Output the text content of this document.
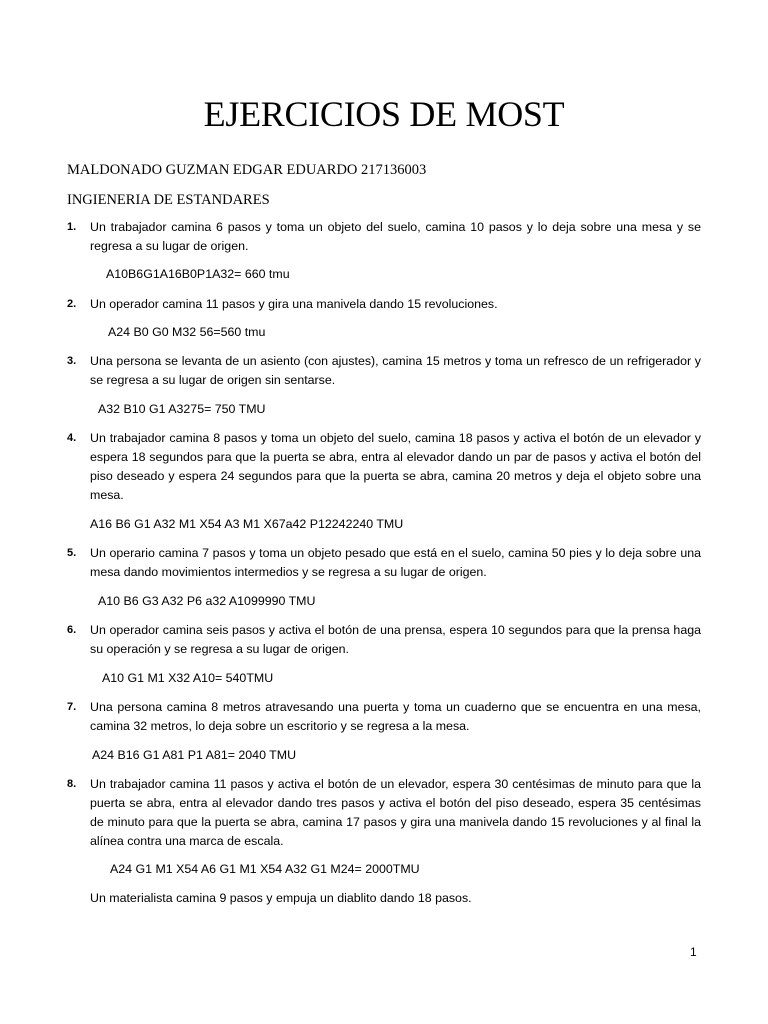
EJERCICIOS DE MOST
MALDONADO GUZMAN EDGAR EDUARDO 217136003
INGIENERIA DE ESTANDARES
1. Un trabajador camina 6 pasos y toma un objeto del suelo, camina 10 pasos y lo deja sobre una mesa y se regresa a su lugar de origen.
A10B6G1A16B0P1A32= 660 tmu
2. Un operador camina 11 pasos y gira una manivela dando 15 revoluciones.
A24 B0 G0 M32 56=560 tmu
3. Una persona se levanta de un asiento (con ajustes), camina 15 metros y toma un refresco de un refrigerador y se regresa a su lugar de origen sin sentarse.
A32 B10 G1 A3275= 750 TMU
4. Un trabajador camina 8 pasos y toma un objeto del suelo, camina 18 pasos y activa el botón de un elevador y espera 18 segundos para que la puerta se abra, entra al elevador dando un par de pasos y activa el botón del piso deseado y espera 24 segundos para que la puerta se abra, camina 20 metros y deja el objeto sobre una mesa.
A16 B6 G1 A32 M1 X54 A3 M1 X67a42 P12242240 TMU
5. Un operario camina 7 pasos y toma un objeto pesado que está en el suelo, camina 50 pies y lo deja sobre una mesa dando movimientos intermedios y se regresa a su lugar de origen.
A10 B6 G3 A32 P6 a32 A1099990 TMU
6. Un operador camina seis pasos y activa el botón de una prensa, espera 10 segundos para que la prensa haga su operación y se regresa a su lugar de origen.
A10 G1 M1 X32 A10= 540TMU
7. Una persona camina 8 metros atravesando una puerta y toma un cuaderno que se encuentra en una mesa, camina 32 metros, lo deja sobre un escritorio y se regresa a la mesa.
A24 B16 G1 A81 P1 A81= 2040 TMU
8. Un trabajador camina 11 pasos y activa el botón de un elevador, espera 30 centésimas de minuto para que la puerta se abra, entra al elevador dando tres pasos y activa el botón del piso deseado, espera 35 centésimas de minuto para que la puerta se abra, camina 17 pasos y gira una manivela dando 15 revoluciones y al final la alínea contra una marca de escala.
A24 G1 M1 X54 A6 G1 M1 X54 A32 G1 M24= 2000TMU
Un materialista camina 9 pasos y empuja un diablito dando 18 pasos.
1
